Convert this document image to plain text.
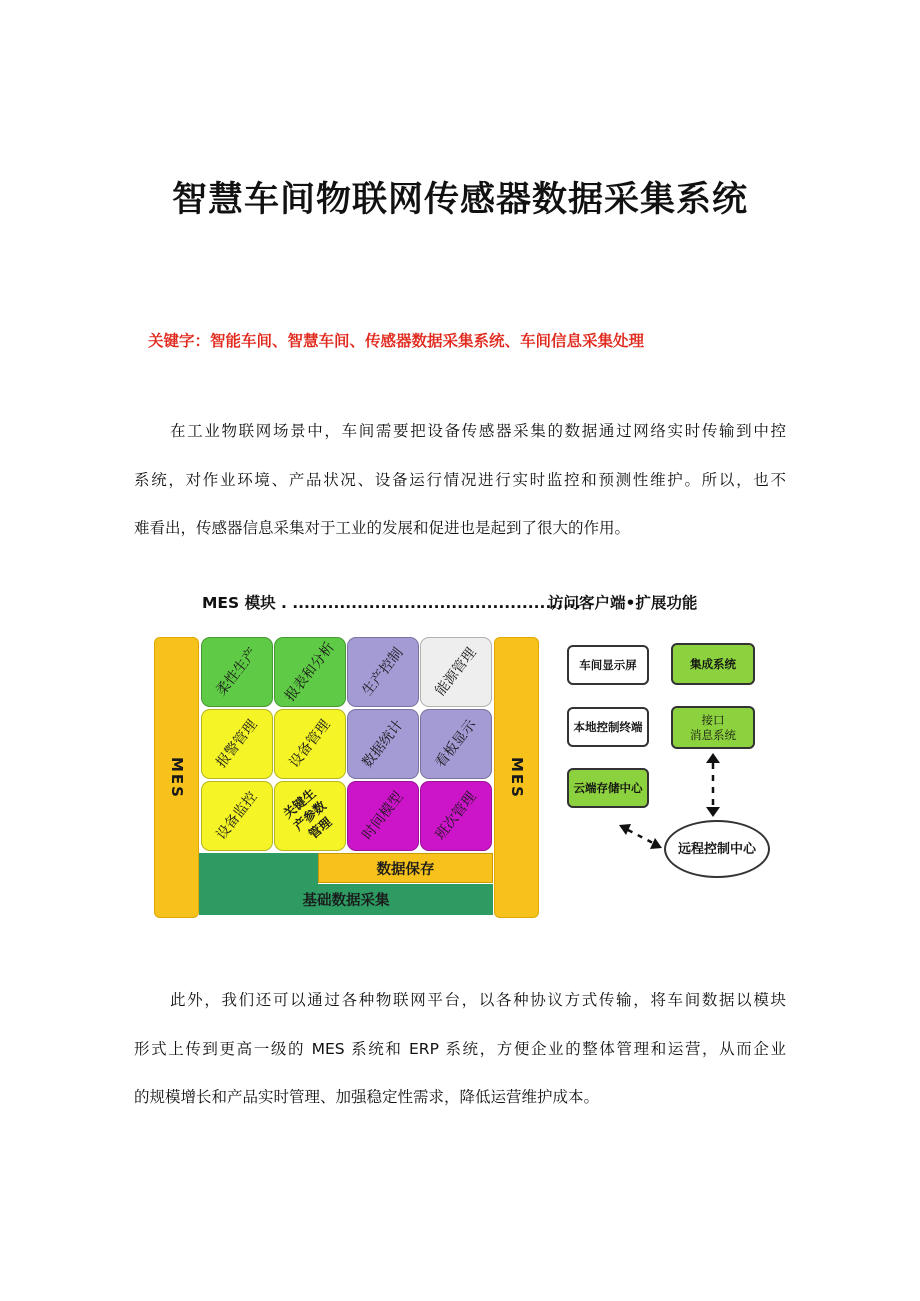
智慧车间物联网传感器数据采集系统
关键字：智能车间、智慧车间、传感器数据采集系统、车间信息采集处理
在工业物联网场景中，车间需要把设备传感器采集的数据通过网络实时传输到中控
系统，对作业环境、产品状况、设备运行情况进行实时监控和预测性维护。所以，也不
难看出，传感器信息采集对于工业的发展和促进也是起到了很大的作用。
MES 模块 . .................................................
访问客户端•扩展功能
MES	MES
柔性生产 报表和分析 生产控制 能源管理
报警管理 设备管理 数据统计 看板显示
设备监控	关键生产参数管理	时间模型 班次管理
基础数据采集
数据保存
车间显示屏	集成系统
本地控制终端	接口
消息系统
云端存储中心
远程控制中心
此外，我们还可以通过各种物联网平台，以各种协议方式传输，将车间数据以模块
形式上传到更高一级的 MES 系统和 ERP 系统，方便企业的整体管理和运营，从而企业
的规模增长和产品实时管理、加强稳定性需求，降低运营维护成本。
